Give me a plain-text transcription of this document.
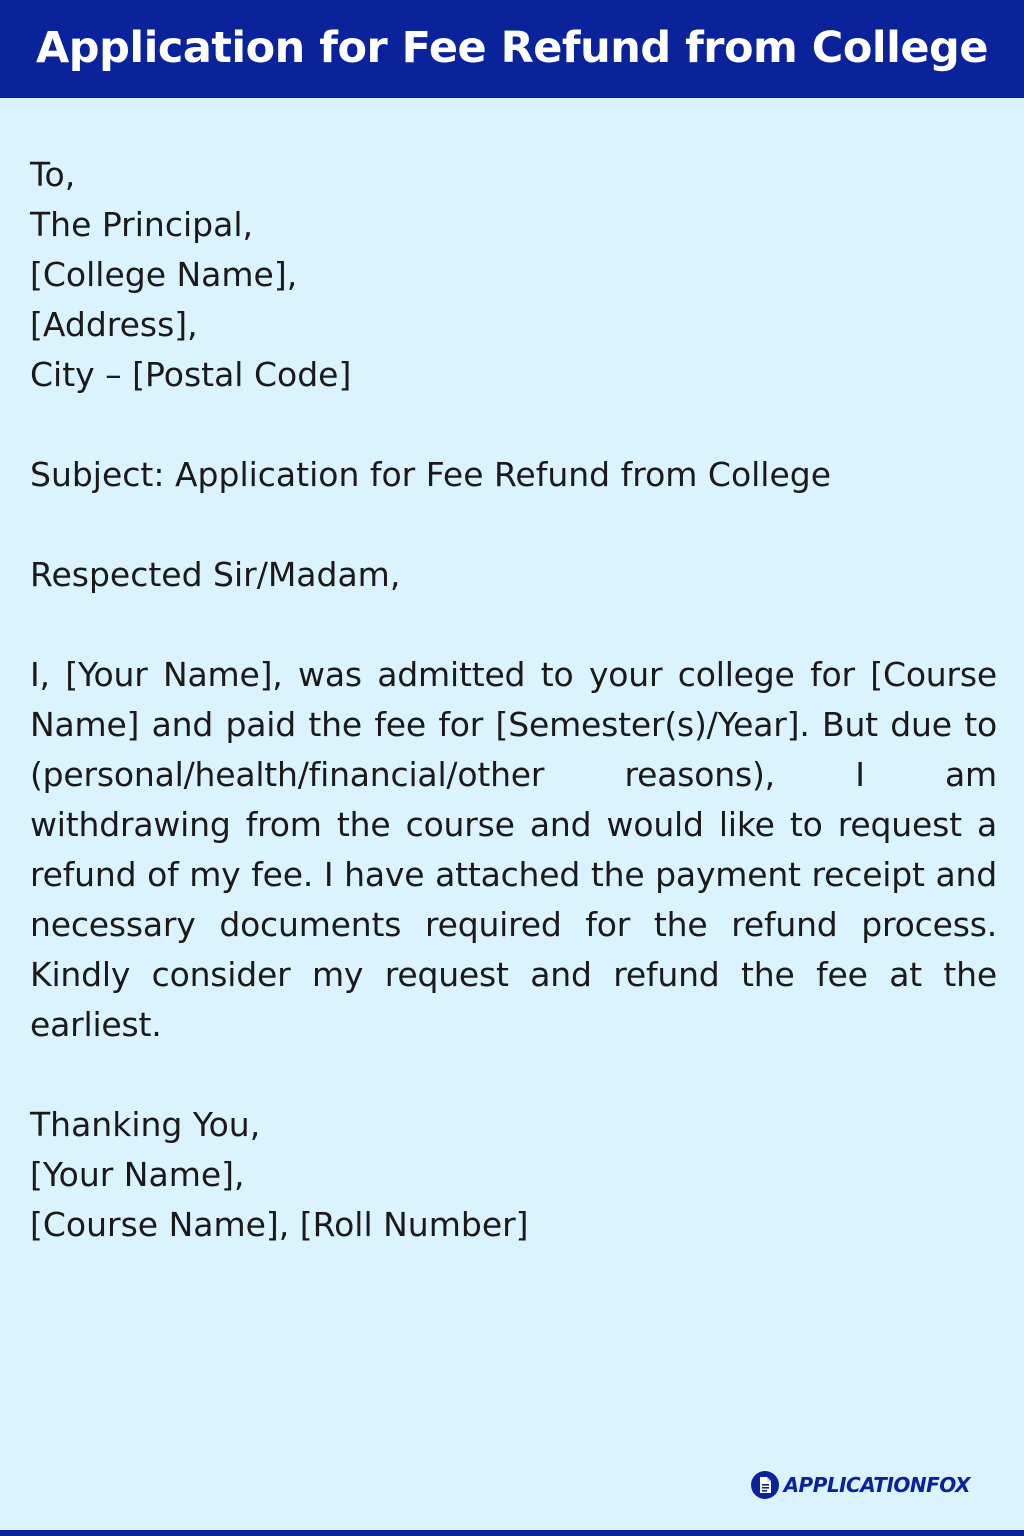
Application for Fee Refund from College
To,
The Principal,
[College Name],
[Address],
City – [Postal Code]
Subject: Application for Fee Refund from College
Respected Sir/Madam,
I, [Your Name], was admitted to your college for [Course Name] and paid the fee for [Semester(s)/Year]. But due to (personal/health/financial/other reasons), I am withdrawing from the course and would like to request a refund of my fee. I have attached the payment receipt and necessary documents required for the refund process. Kindly consider my request and refund the fee at the earliest.
Thanking You,
[Your Name],
[Course Name], [Roll Number]
APPLICATIONFOX
